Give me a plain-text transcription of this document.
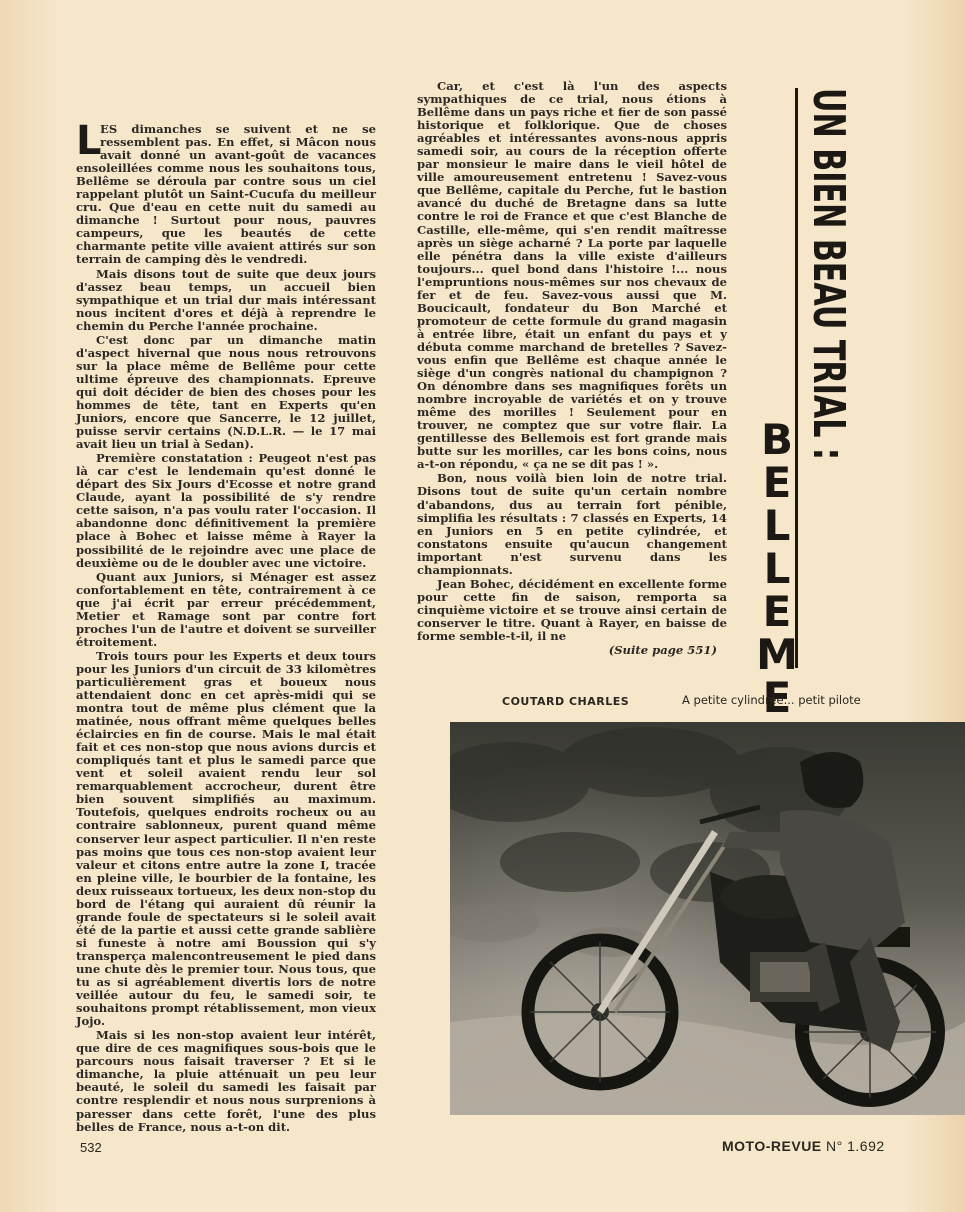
L
ES dimanches se suivent et ne se ressemblent pas. En effet, si Mâcon nous avait donné un avant-goût de vacances ensoleillées comme nous les souhaitons tous, Bellême se déroula par contre sous un ciel rappelant plutôt un Saint-Cucufa du meilleur cru. Que d'eau en cette nuit du samedi au dimanche ! Surtout pour nous, pauvres campeurs, que les beautés de cette charmante petite ville avaient attirés sur son terrain de camping dès le vendredi.

Mais disons tout de suite que deux jours d'assez beau temps, un accueil bien sympathique et un trial dur mais intéressant nous incitent d'ores et déjà à reprendre le chemin du Perche l'année prochaine.

C'est donc par un dimanche matin d'aspect hivernal que nous nous retrouvons sur la place même de Bellême pour cette ultime épreuve des championnats. Epreuve qui doit décider de bien des choses pour les hommes de tête, tant en Experts qu'en Juniors, encore que Sancerre, le 12 juillet, puisse servir certains (N.D.L.R. — le 17 mai avait lieu un trial à Sedan).

Première constatation : Peugeot n'est pas là car c'est le lendemain qu'est donné le départ des Six Jours d'Ecosse et notre grand Claude, ayant la possibilité de s'y rendre cette saison, n'a pas voulu rater l'occasion. Il abandonne donc définitivement la première place à Bohec et laisse même à Rayer la possibilité de le rejoindre avec une place de deuxième ou de le doubler avec une victoire.

Quant aux Juniors, si Ménager est assez confortablement en tête, contrairement à ce que j'ai écrit par erreur précédemment, Metier et Ramage sont par contre fort proches l'un de l'autre et doivent se surveiller étroitement.

Trois tours pour les Experts et deux tours pour les Juniors d'un circuit de 33 kilomètres particulièrement gras et boueux nous attendaient donc en cet après-midi qui se montra tout de même plus clément que la matinée, nous offrant même quelques belles éclaircies en fin de course. Mais le mal était fait et ces non-stop que nous avions durcis et compliqués tant et plus le samedi parce que vent et soleil avaient rendu leur sol remarquablement accrocheur, durent être bien souvent simplifiés au maximum. Toutefois, quelques endroits rocheux ou au contraire sablonneux, purent quand même conserver leur aspect particulier. Il n'en reste pas moins que tous ces non-stop avaient leur valeur et citons entre autre la zone I, tracée en pleine ville, le bourbier de la fontaine, les deux ruisseaux tortueux, les deux non-stop du bord de l'étang qui auraient dû réunir la grande foule de spectateurs si le soleil avait été de la partie et aussi cette grande sablière si funeste à notre ami Boussion qui s'y transperça malencontreusement le pied dans une chute dès le premier tour. Nous tous, que tu as si agréablement divertis lors de notre veillée autour du feu, le samedi soir, te souhaitons prompt rétablissement, mon vieux Jojo.

Mais si les non-stop avaient leur intérêt, que dire de ces magnifiques sous-bois que le parcours nous faisait traverser ? Et si le dimanche, la pluie atténuait un peu leur beauté, le soleil du samedi les faisait par contre resplendir et nous nous surprenions à paresser dans cette forêt, l'une des plus belles de France, nous a-t-on dit.

Car, et c'est là l'un des aspects sympathiques de ce trial, nous étions à Bellême dans un pays riche et fier de son passé historique et folklorique. Que de choses agréables et intéressantes avons-nous appris samedi soir, au cours de la réception offerte par monsieur le maire dans le vieil hôtel de ville amoureusement entretenu ! Savez-vous que Bellême, capitale du Perche, fut le bastion avancé du duché de Bretagne dans sa lutte contre le roi de France et que c'est Blanche de Castille, elle-même, qui s'en rendit maîtresse après un siège acharné ? La porte par laquelle elle pénétra dans la ville existe d'ailleurs toujours... quel bond dans l'histoire !... nous l'empruntions nous-mêmes sur nos chevaux de fer et de feu. Savez-vous aussi que M. Boucicault, fondateur du Bon Marché et promoteur de cette formule du grand magasin à entrée libre, était un enfant du pays et y débuta comme marchand de bretelles ? Savez-vous enfin que Bellême est chaque année le siège d'un congrès national du champignon ? On dénombre dans ses magnifiques forêts un nombre incroyable de variétés et on y trouve même des morilles ! Seulement pour en trouver, ne comptez que sur votre flair. La gentillesse des Bellemois est fort grande mais butte sur les morilles, car les bons coins, nous a-t-on répondu, « ça ne se dit pas ! ».

Bon, nous voilà bien loin de notre trial. Disons tout de suite qu'un certain nombre d'abandons, dus au terrain fort pénible, simplifia les résultats : 7 classés en Experts, 14 en Juniors en 5 en petite cylindrée, et constatons ensuite qu'aucun changement important n'est survenu dans les championnats.

Jean Bohec, décidément en excellente forme pour cette fin de saison, remporta sa cinquième victoire et se trouve ainsi certain de conserver le titre. Quant à Rayer, en baisse de forme semble-t-il, il ne

(Suite page 551)

UN BIEN BEAU TRIAL :
B
E
L
L
E
M
E
COUTARD CHARLES	A petite cylindrée... petit pilote
532	MOTO-REVUE N° 1.692
